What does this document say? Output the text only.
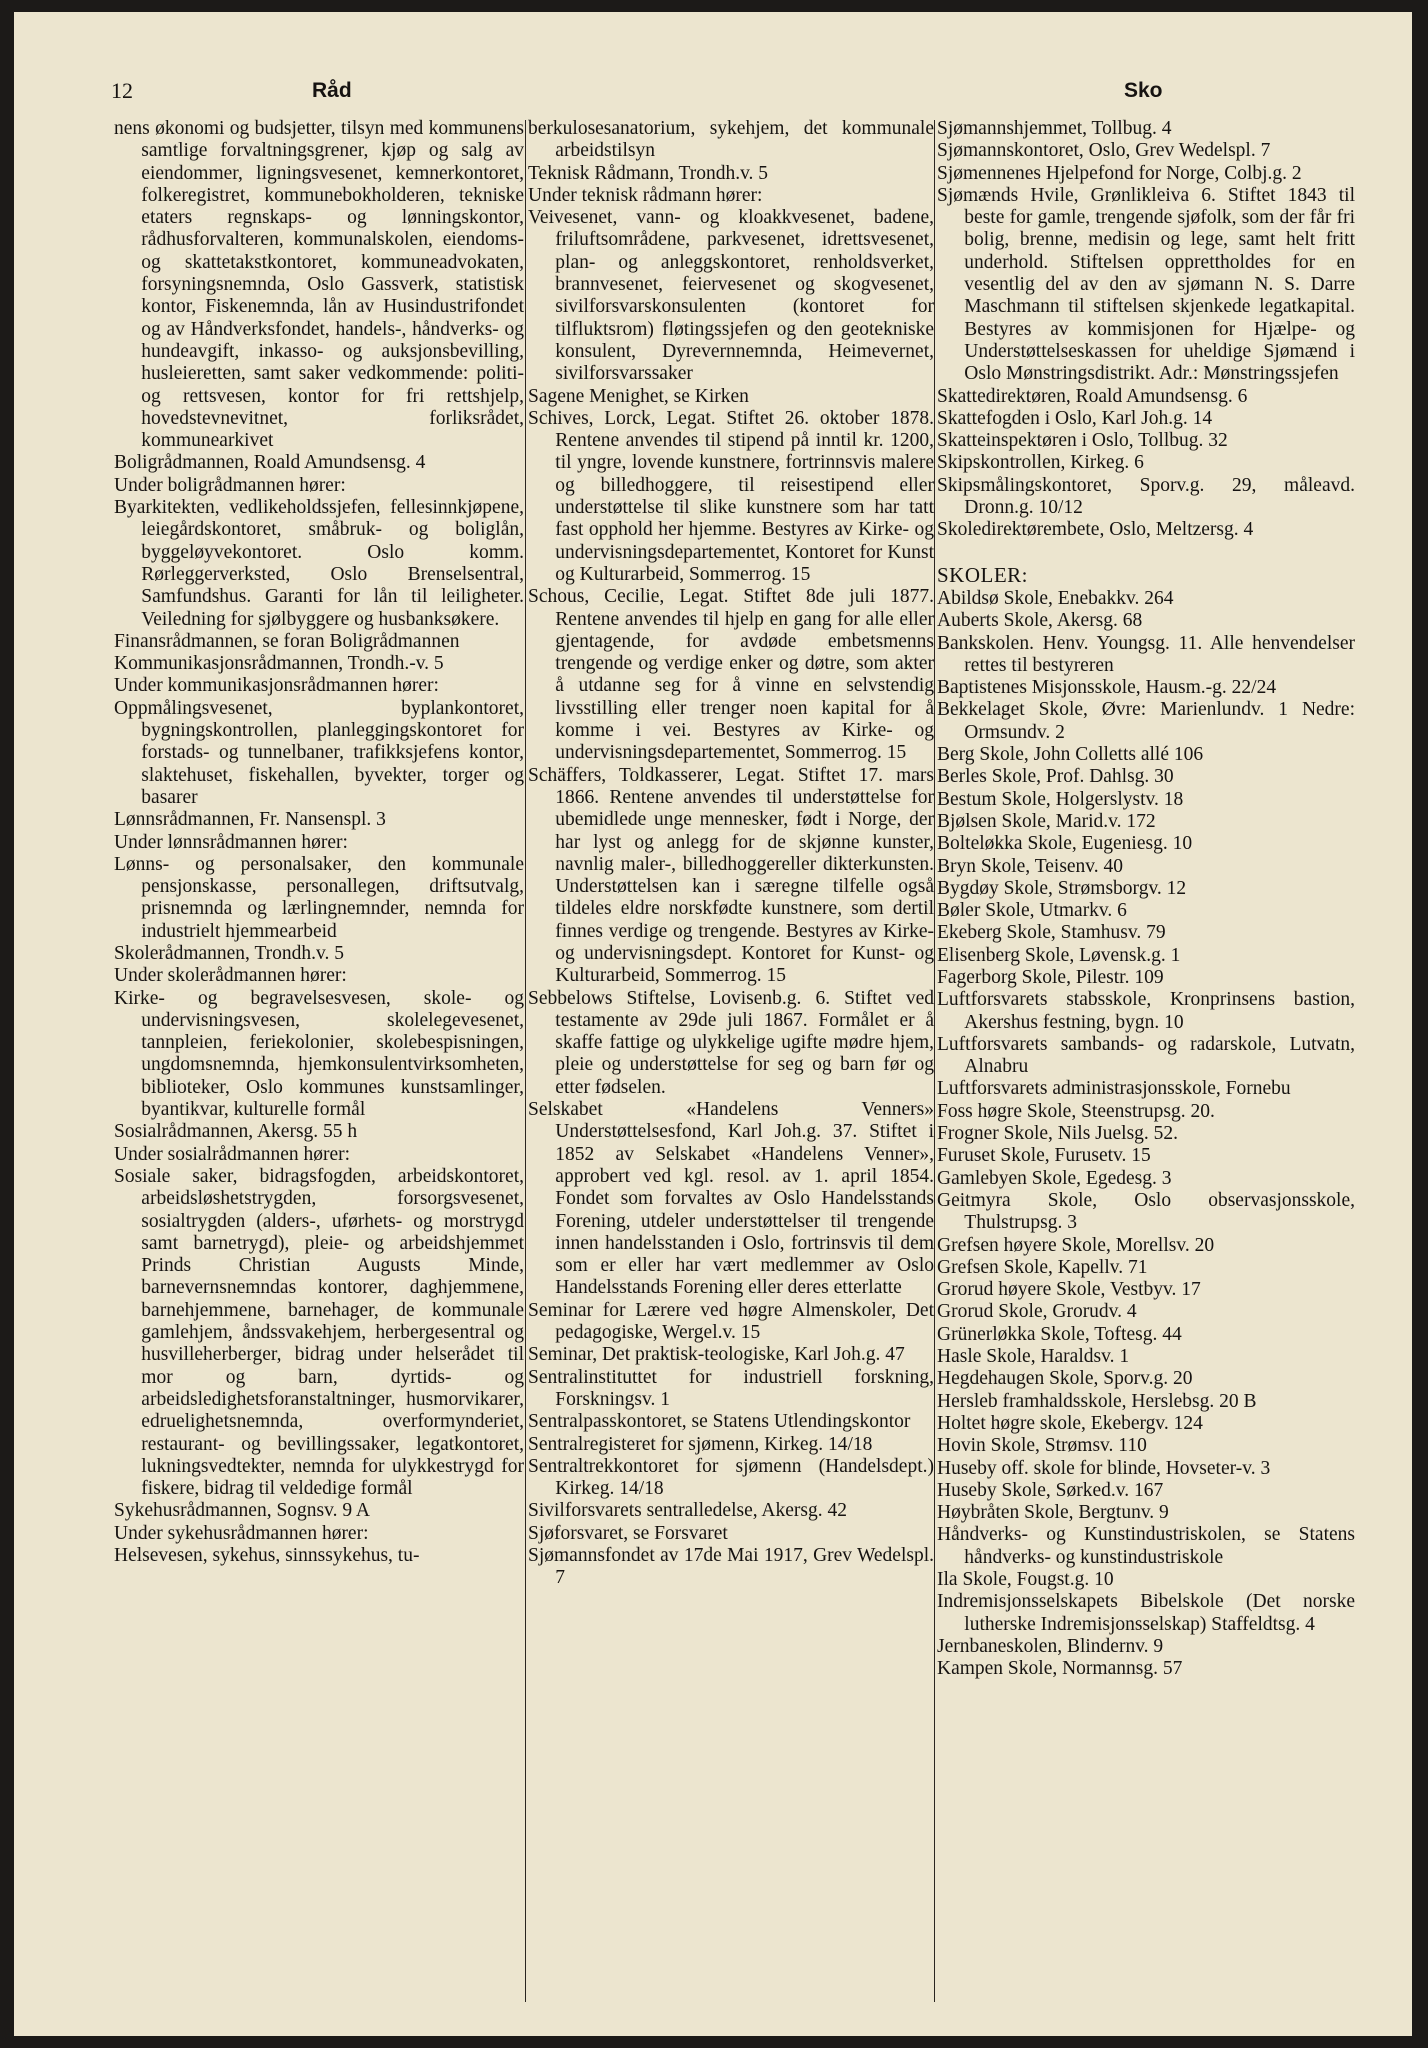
12	Råd	Sko
nens økonomi og budsjetter, tilsyn med kommunens samtlige forvaltningsgrener, kjøp og salg av eiendommer, ligningsvesenet, kemnerkontoret, folkeregistret, kommunebokholderen, tekniske etaters regnskaps- og lønningskontor, rådhusforvalteren, kommunalskolen, eiendoms- og skattetakstkontoret, kommuneadvokaten, forsyningsnemnda, Oslo Gassverk, statistisk kontor, Fiskenemnda, lån av Husindustrifondet og av Håndverksfondet, handels-, håndverks- og hundeavgift, inkasso- og auksjonsbevilling, husleieretten, samt saker vedkommende: politi- og rettsvesen, kontor for fri rettshjelp, hovedstevnevitnet, forliksrådet, kommunearkivet
Boligrådmannen, Roald Amundsensg. 4
Under boligrådmannen hører:
Byarkitekten, vedlikeholdssjefen, fellesinnkjøpene, leiegårdskontoret, småbruk- og boliglån, byggeløyvekontoret. Oslo komm. Rørleggerverksted, Oslo Brenselsentral, Samfundshus. Garanti for lån til leiligheter. Veiledning for sjølbyggere og husbanksøkere.
Finansrådmannen, se foran Boligrådmannen
Kommunikasjonsrådmannen, Trondh.-v. 5
Under kommunikasjonsrådmannen hører:
Oppmålingsvesenet, byplankontoret, bygningskontrollen, planleggingskontoret for forstads- og tunnelbaner, trafikksjefens kontor, slaktehuset, fiskehallen, byvekter, torger og basarer
Lønnsrådmannen, Fr. Nansenspl. 3
Under lønnsrådmannen hører:
Lønns- og personalsaker, den kommunale pensjonskasse, personallegen, driftsutvalg, prisnemnda og lærlingnemnder, nemnda for industrielt hjemmearbeid
Skolerådmannen, Trondh.v. 5
Under skolerådmannen hører:
Kirke- og begravelsesvesen, skole- og undervisningsvesen, skolelegevesenet, tannpleien, feriekolonier, skolebespisningen, ungdomsnemnda, hjemkonsulentvirksomheten, biblioteker, Oslo kommunes kunstsamlinger, byantikvar, kulturelle formål
Sosialrådmannen, Akersg. 55 h
Under sosialrådmannen hører:
Sosiale saker, bidragsfogden, arbeidskontoret, arbeidsløshetstrygden, forsorgsvesenet, sosialtrygden (alders-, uførhets- og morstrygd samt barnetrygd), pleie- og arbeidshjemmet Prinds Christian Augusts Minde, barnevernsnemndas kontorer, daghjemmene, barnehjemmene, barnehager, de kommunale gamlehjem, åndssvakehjem, herbergesentral og husvilleherberger, bidrag under helserådet til mor og barn, dyrtids- og arbeidsledighetsforanstaltninger, husmorvikarer, edruelighetsnemnda, overformynderiet, restaurant- og bevillingssaker, legatkontoret, lukningsvedtekter, nemnda for ulykkestrygd for fiskere, bidrag til veldedige formål
Sykehusrådmannen, Sognsv. 9 A
Under sykehusrådmannen hører:
Helsevesen, sykehus, sinnssykehus, tu-
berkulosesanatorium, sykehjem, det kommunale arbeidstilsyn
Teknisk Rådmann, Trondh.v. 5
Under teknisk rådmann hører:
Veivesenet, vann- og kloakkvesenet, badene, friluftsområdene, parkvesenet, idrettsvesenet, plan- og anleggskontoret, renholdsverket, brannvesenet, feiervesenet og skogvesenet, sivilforsvarskonsulenten (kontoret for tilfluktsrom) fløtingssjefen og den geotekniske konsulent, Dyrevernnemnda, Heimevernet, sivilforsvarssaker
Sagene Menighet, se Kirken
Schives, Lorck, Legat. Stiftet 26. oktober 1878. Rentene anvendes til stipend på inntil kr. 1200, til yngre, lovende kunstnere, fortrinnsvis malere og billedhoggere, til reisestipend eller understøttelse til slike kunstnere som har tatt fast opphold her hjemme. Bestyres av Kirke- og undervisningsdepartementet, Kontoret for Kunst og Kulturarbeid, Sommerrog. 15
Schous, Cecilie, Legat. Stiftet 8de juli 1877. Rentene anvendes til hjelp en gang for alle eller gjentagende, for avdøde embetsmenns trengende og verdige enker og døtre, som akter å utdanne seg for å vinne en selvstendig livsstilling eller trenger noen kapital for å komme i vei. Bestyres av Kirke- og undervisningsdepartementet, Sommerrog. 15
Schäffers, Toldkasserer, Legat. Stiftet 17. mars 1866. Rentene anvendes til understøttelse for ubemidlede unge mennesker, født i Norge, der har lyst og anlegg for de skjønne kunster, navnlig maler-, billedhoggereller dikterkunsten. Understøttelsen kan i særegne tilfelle også tildeles eldre norskfødte kunstnere, som dertil finnes verdige og trengende. Bestyres av Kirke- og undervisningsdept. Kontoret for Kunst- og Kulturarbeid, Sommerrog. 15
Sebbelows Stiftelse, Lovisenb.g. 6. Stiftet ved testamente av 29de juli 1867. Formålet er å skaffe fattige og ulykkelige ugifte mødre hjem, pleie og understøttelse for seg og barn før og etter fødselen.
Selskabet «Handelens Venners» Understøttelsesfond, Karl Joh.g. 37. Stiftet i 1852 av Selskabet «Handelens Venner», approbert ved kgl. resol. av 1. april 1854. Fondet som forvaltes av Oslo Handelsstands Forening, utdeler understøttelser til trengende innen handelsstanden i Oslo, fortrinsvis til dem som er eller har vært medlemmer av Oslo Handelsstands Forening eller deres etterlatte
Seminar for Lærere ved høgre Almenskoler, Det pedagogiske, Wergel.v. 15
Seminar, Det praktisk-teologiske, Karl Joh.g. 47
Sentralinstituttet for industriell forskning, Forskningsv. 1
Sentralpasskontoret, se Statens Utlendingskontor
Sentralregisteret for sjømenn, Kirkeg. 14/18
Sentraltrekkontoret for sjømenn (Handelsdept.) Kirkeg. 14/18
Sivilforsvarets sentralledelse, Akersg. 42
Sjøforsvaret, se Forsvaret
Sjømannsfondet av 17de Mai 1917, Grev Wedelspl. 7
Sjømannshjemmet, Tollbug. 4
Sjømannskontoret, Oslo, Grev Wedelspl. 7
Sjømennenes Hjelpefond for Norge, Colbj.g. 2
Sjømænds Hvile, Grønlikleiva 6. Stiftet 1843 til beste for gamle, trengende sjøfolk, som der får fri bolig, brenne, medisin og lege, samt helt fritt underhold. Stiftelsen opprettholdes for en vesentlig del av den av sjømann N. S. Darre Maschmann til stiftelsen skjenkede legatkapital. Bestyres av kommisjonen for Hjælpe- og Understøttelseskassen for uheldige Sjømænd i Oslo Mønstringsdistrikt. Adr.: Mønstringssjefen
Skattedirektøren, Roald Amundsensg. 6
Skattefogden i Oslo, Karl Joh.g. 14
Skatteinspektøren i Oslo, Tollbug. 32
Skipskontrollen, Kirkeg. 6
Skipsmålingskontoret, Sporv.g. 29, måleavd. Dronn.g. 10/12
Skoledirektørembete, Oslo, Meltzersg. 4
SKOLER:
Abildsø Skole, Enebakkv. 264
Auberts Skole, Akersg. 68
Bankskolen. Henv. Youngsg. 11. Alle henvendelser rettes til bestyreren
Baptistenes Misjonsskole, Hausm.-g. 22/24
Bekkelaget Skole, Øvre: Marienlundv. 1 Nedre: Ormsundv. 2
Berg Skole, John Colletts allé 106
Berles Skole, Prof. Dahlsg. 30
Bestum Skole, Holgerslystv. 18
Bjølsen Skole, Marid.v. 172
Bolteløkka Skole, Eugeniesg. 10
Bryn Skole, Teisenv. 40
Bygdøy Skole, Strømsborgv. 12
Bøler Skole, Utmarkv. 6
Ekeberg Skole, Stamhusv. 79
Elisenberg Skole, Løvensk.g. 1
Fagerborg Skole, Pilestr. 109
Luftforsvarets stabsskole, Kronprinsens bastion, Akershus festning, bygn. 10
Luftforsvarets sambands- og radarskole, Lutvatn, Alnabru
Luftforsvarets administrasjonsskole, Fornebu
Foss høgre Skole, Steenstrupsg. 20.
Frogner Skole, Nils Juelsg. 52.
Furuset Skole, Furusetv. 15
Gamlebyen Skole, Egedesg. 3
Geitmyra Skole, Oslo observasjonsskole, Thulstrupsg. 3
Grefsen høyere Skole, Morellsv. 20
Grefsen Skole, Kapellv. 71
Grorud høyere Skole, Vestbyv. 17
Grorud Skole, Grorudv. 4
Grünerløkka Skole, Toftesg. 44
Hasle Skole, Haraldsv. 1
Hegdehaugen Skole, Sporv.g. 20
Hersleb framhaldsskole, Herslebsg. 20 B
Holtet høgre skole, Ekebergv. 124
Hovin Skole, Strømsv. 110
Huseby off. skole for blinde, Hovseter-v. 3
Huseby Skole, Sørked.v. 167
Høybråten Skole, Bergtunv. 9
Håndverks- og Kunstindustriskolen, se Statens håndverks- og kunstindustriskole
Ila Skole, Fougst.g. 10
Indremisjonsselskapets Bibelskole (Det norske lutherske Indremisjonsselskap) Staffeldtsg. 4
Jernbaneskolen, Blindernv. 9
Kampen Skole, Normannsg. 57
